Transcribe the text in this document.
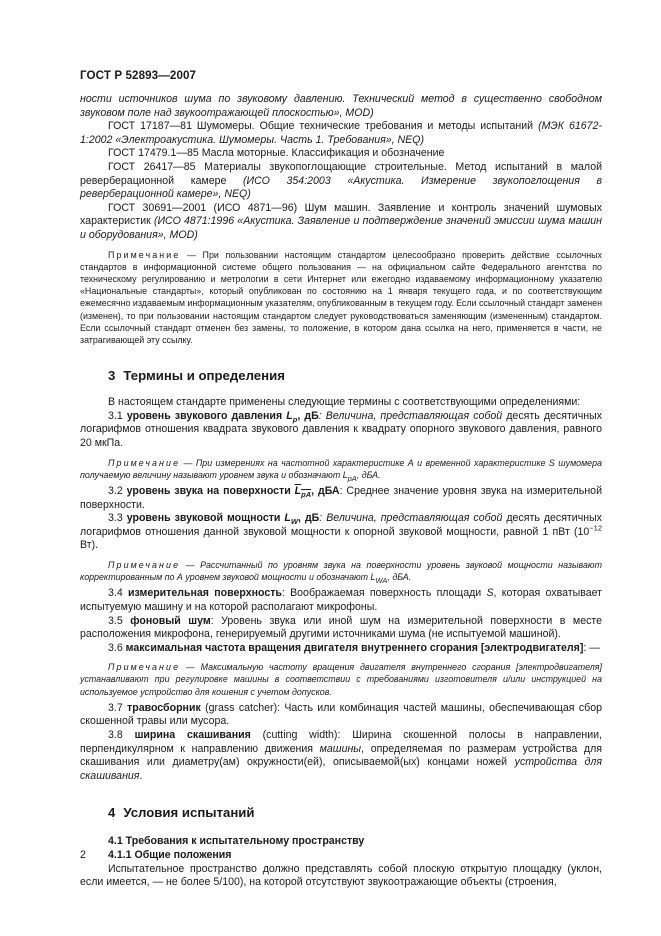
ГОСТ Р 52893—2007

ности источников шума по звуковому давлению. Технический метод в существенно свободном звуковом поле над звукоотражающей плоскостью», MOD)

ГОСТ 17187—81 Шумомеры. Общие технические требования и методы испытаний (МЭК 61672-1:2002 «Электроакустика. Шумомеры. Часть 1. Требования», NEQ)

ГОСТ 17479.1—85 Масла моторные. Классификация и обозначение

ГОСТ 26417—85 Материалы звукопоглощающие строительные. Метод испытаний в малой реверберационной камере (ИСО 354:2003 «Акустика. Измерение звукопоглощения в реверберационной камере», NEQ)

ГОСТ 30691—2001 (ИСО 4871—96) Шум машин. Заявление и контроль значений шумовых характеристик (ИСО 4871:1996 «Акустика. Заявление и подтверждение значений эмиссии шума машин и оборудования», MOD)

Примечание — При пользовании настоящим стандартом целесообразно проверить действие ссылочных стандартов в информационной системе общего пользования — на официальном сайте Федерального агентства по техническому регулированию и метрологии в сети Интернет или ежегодно издаваемому информационному указателю «Национальные стандарты», который опубликован по состоянию на 1 января текущего года, и по соответствующим ежемесячно издаваемым информационным указателям, опубликованным в текущем году. Если ссылочный стандарт заменен (изменен), то при пользовании настоящим стандартом следует руководствоваться заменяющим (измененным) стандартом. Если ссылочный стандарт отменен без замены, то положение, в котором дана ссылка на него, применяется в части, не затрагивающей эту ссылку.

3 Термины и определения

В настоящем стандарте применены следующие термины с соответствующими определениями:

3.1 уровень звукового давления $L_p$, дБ: Величина, представляющая собой десять десятичных логарифмов отношения квадрата звукового давления к квадрату опорного звукового давления, равного 20 мкПа.

Примечание — При измерениях на частотной характеристике А и временной характеристике S шумомера получаемую величину называют уровнем звука и обозначают $L_{pA}$, дБА.

3.2 уровень звука на поверхности $L_{pA}$, дБА: Среднее значение уровня звука на измерительной поверхности.

3.3 уровень звуковой мощности $L_W$, дБ: Величина, представляющая собой десять десятичных логарифмов отношения данной звуковой мощности к опорной звуковой мощности, равной 1 пВт ($10^{-12}$ Вт).

Примечание — Рассчитанный по уровням звука на поверхности уровень звуковой мощности называют корректированным по А уровнем звуковой мощности и обозначают $L_{WA}$, дБА.

3.4 измерительная поверхность: Воображаемая поверхность площади S, которая охватывает испытуемую машину и на которой располагают микрофоны.

3.5 фоновый шум: Уровень звука или иной шум на измерительной поверхности в месте расположения микрофона, генерируемый другими источниками шума (не испытуемой машиной).

3.6 максимальная частота вращения двигателя внутреннего сгорания [электродвигателя]: —

Примечание — Максимальную частоту вращения двигателя внутреннего сгорания [электродвигателя] устанавливают при регулировке машины в соответствии с требованиями изготовителя и/или инструкцией на используемое устройство для кошения с учетом допусков.

3.7 травосборник (grass catcher): Часть или комбинация частей машины, обеспечивающая сбор скошенной травы или мусора.

3.8 ширина скашивания (cutting width): Ширина скошенной полосы в направлении, перпендикулярном к направлению движения машины, определяемая по размерам устройства для скашивания или диаметру(ам) окружности(ей), описываемой(ых) концами ножей устройства для скашивания.

4 Условия испытаний
4.1 Требования к испытательному пространству
4.1.1 Общие положения

Испытательное пространство должно представлять собой плоскую открытую площадку (уклон, если имеется, — не более 5/100), на которой отсутствуют звукоотражающие объекты (строения,

2
